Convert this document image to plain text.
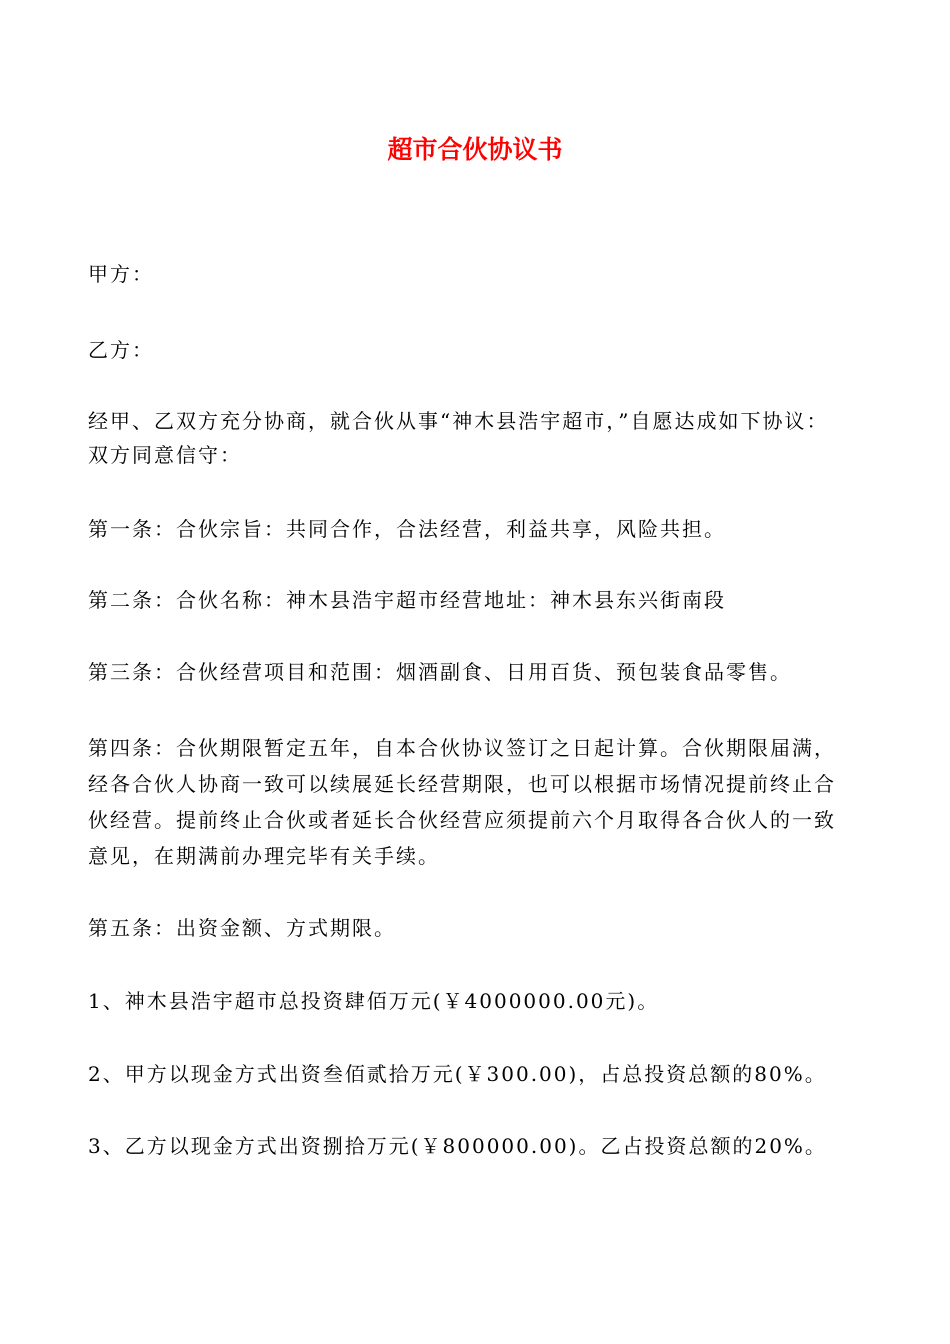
超市合伙协议书
甲方：
乙方：
经甲、乙双方充分协商，就合伙从事“神木县浩宇超市，”自愿达成如下协议：
双方同意信守：
第一条：合伙宗旨：共同合作，合法经营，利益共享，风险共担。
第二条：合伙名称：神木县浩宇超市经营地址：神木县东兴街南段
第三条：合伙经营项目和范围：烟酒副食、日用百货、预包装食品零售。
第四条：合伙期限暂定五年，自本合伙协议签订之日起计算。合伙期限届满，
经各合伙人协商一致可以续展延长经营期限，也可以根据市场情况提前终止合
伙经营。提前终止合伙或者延长合伙经营应须提前六个月取得各合伙人的一致
意见，在期满前办理完毕有关手续。
第五条：出资金额、方式期限。
1、神木县浩宇超市总投资肆佰万元(￥4000000.00元)。
2、甲方以现金方式出资叁佰贰拾万元(￥300.00)，占总投资总额的80%。
3、乙方以现金方式出资捌拾万元(￥800000.00)。乙占投资总额的20%。
